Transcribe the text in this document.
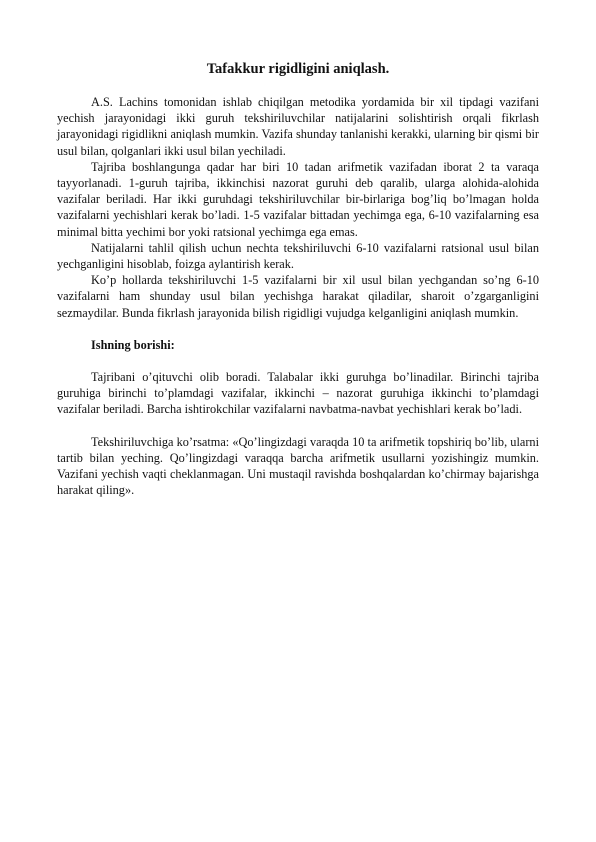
Tafakkur rigidligini aniqlash.

A.S. Lachins tomonidan ishlab chiqilgan metodika yordamida bir xil tipdagi vazifani yechish jarayonidagi ikki guruh tekshiriluvchilar natijalarini solishtirish orqali fikrlash jarayonidagi rigidlikni aniqlash mumkin. Vazifa shunday tanlanishi kerakki, ularning bir qismi bir usul bilan, qolganlari ikki usul bilan yechiladi.

Tajriba boshlangunga qadar har biri 10 tadan arifmetik vazifadan iborat 2 ta varaqa tayyorlanadi. 1-guruh tajriba, ikkinchisi nazorat guruhi deb qaralib, ularga alohida-alohida vazifalar beriladi. Har ikki guruhdagi tekshiriluvchilar bir-birlariga bog’liq bo’lmagan holda vazifalarni yechishlari kerak bo’ladi. 1-5 vazifalar bittadan yechimga ega, 6-10 vazifalarning esa minimal bitta yechimi bor yoki ratsional yechimga ega emas.

Natijalarni tahlil qilish uchun nechta tekshiriluvchi 6-10 vazifalarni ratsional usul bilan yechganligini hisoblab, foizga aylantirish kerak.

Ko’p hollarda tekshiriluvchi 1-5 vazifalarni bir xil usul bilan yechgandan so’ng 6-10 vazifalarni ham shunday usul bilan yechishga harakat qiladilar, sharoit o’zgarganligini sezmaydilar. Bunda fikrlash jarayonida bilish rigidligi vujudga kelganligini aniqlash mumkin.

Ishning borishi:

Tajribani o’qituvchi olib boradi. Talabalar ikki guruhga bo’linadilar. Birinchi tajriba guruhiga birinchi to’plamdagi vazifalar, ikkinchi – nazorat guruhiga ikkinchi to’plamdagi vazifalar beriladi. Barcha ishtirokchilar vazifalarni navbatma-navbat yechishlari kerak bo’ladi.

Tekshiriluvchiga ko’rsatma: «Qo’lingizdagi varaqda 10 ta arifmetik topshiriq bo’lib, ularni tartib bilan yeching. Qo’lingizdagi varaqqa barcha arifmetik usullarni yozishingiz mumkin. Vazifani yechish vaqti cheklanmagan. Uni mustaqil ravishda boshqalardan ko’chirmay bajarishga harakat qiling».
